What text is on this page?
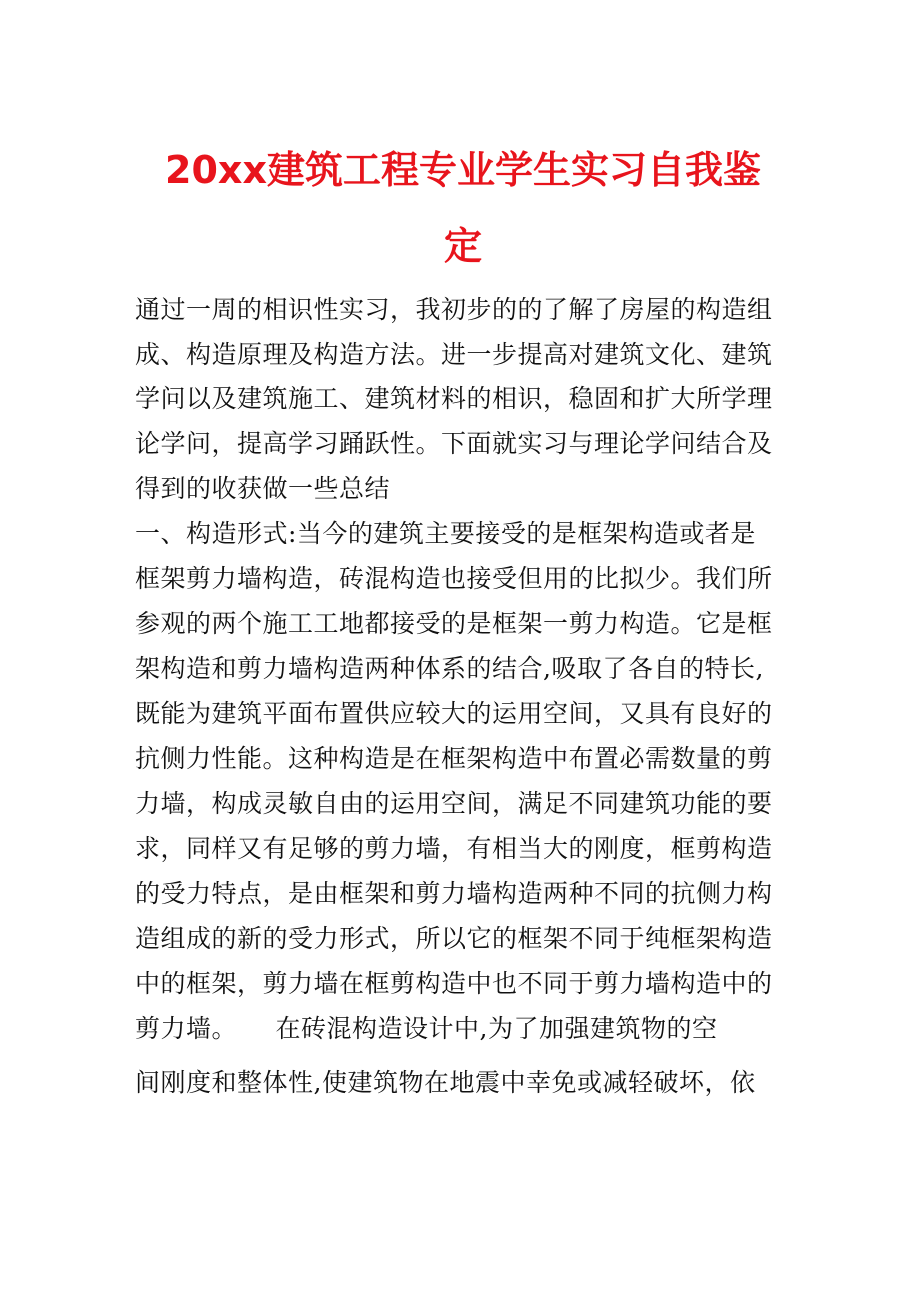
20xx建筑工程专业学生实习自我鉴
定

通过一周的相识性实习，我初步的的了解了房屋的构造组

成、构造原理及构造方法。进一步提高对建筑文化、建筑

学问以及建筑施工、建筑材料的相识，稳固和扩大所学理

论学问，提高学习踊跃性。下面就实习与理论学问结合及

得到的收获做一些总结

一、构造形式:当今的建筑主要接受的是框架构造或者是

框架剪力墙构造，砖混构造也接受但用的比拟少。我们所

参观的两个施工工地都接受的是框架一剪力构造。它是框

架构造和剪力墙构造两种体系的结合,吸取了各自的特长,

既能为建筑平面布置供应较大的运用空间，又具有良好的

抗侧力性能。这种构造是在框架构造中布置必需数量的剪

力墙，构成灵敏自由的运用空间，满足不同建筑功能的要

求，同样又有足够的剪力墙，有相当大的刚度，框剪构造

的受力特点，是由框架和剪力墙构造两种不同的抗侧力构

造组成的新的受力形式，所以它的框架不同于纯框架构造

中的框架，剪力墙在框剪构造中也不同于剪力墙构造中的

剪力墙。　　在砖混构造设计中,为了加强建筑物的空

间刚度和整体性,使建筑物在地震中幸免或减轻破坏，依
